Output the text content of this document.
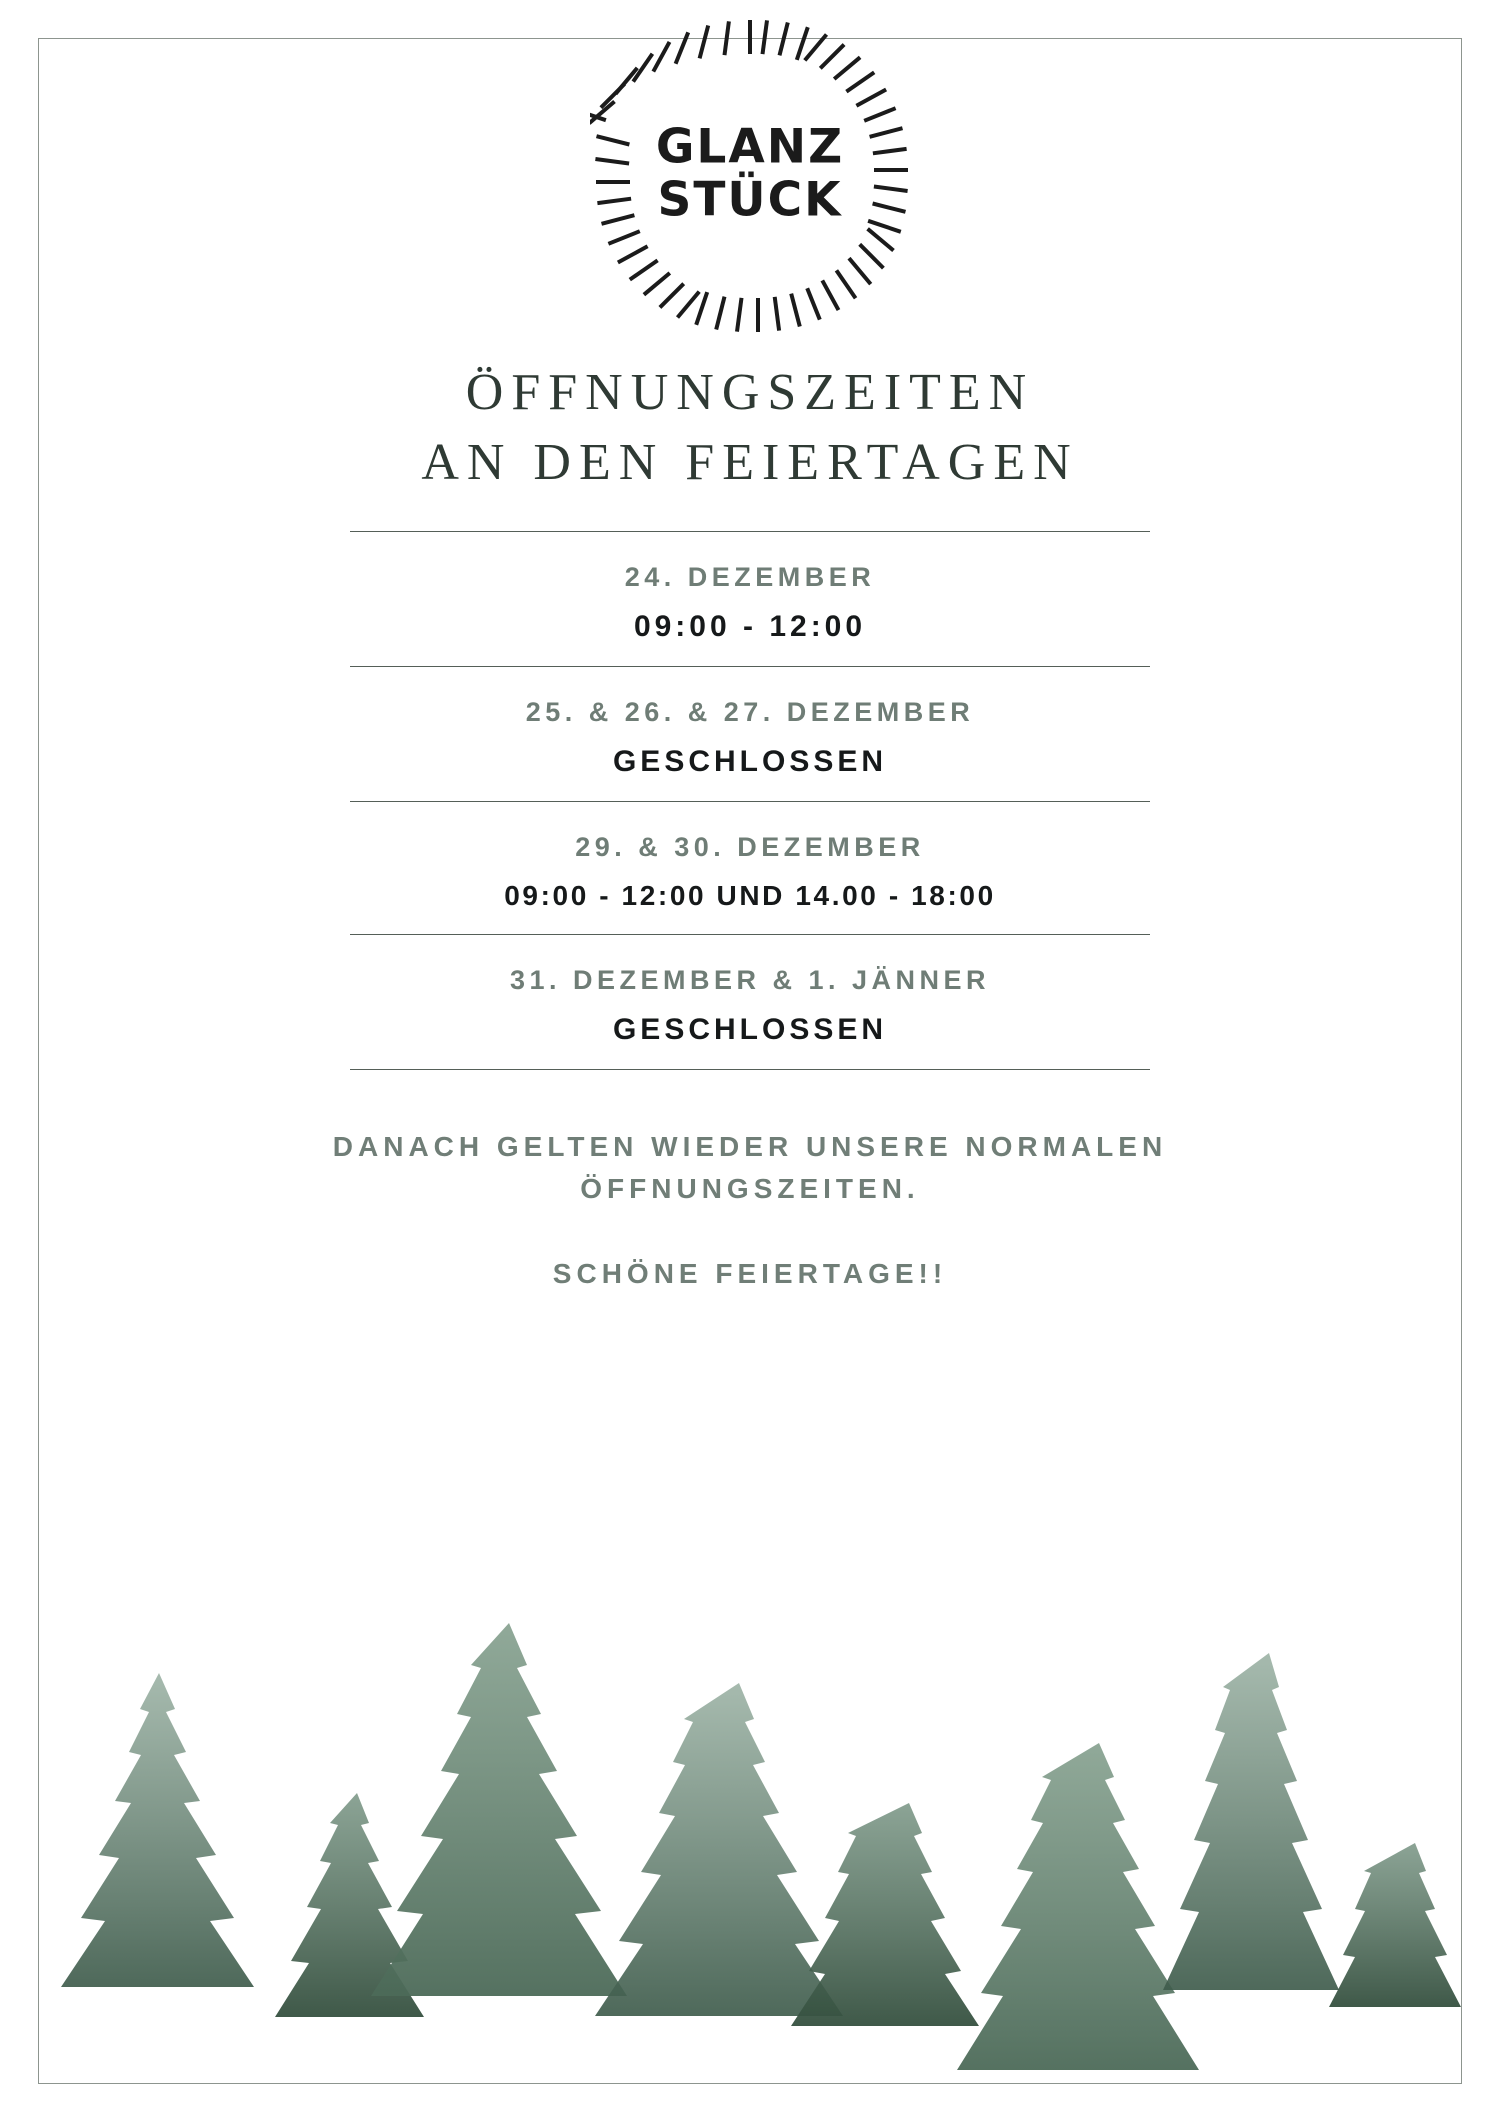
GLANZ
STÜCK
ÖFFNUNGSZEITEN
AN DEN FEIERTAGEN
24. DEZEMBER
09:00 - 12:00
25. & 26. & 27. DEZEMBER
GESCHLOSSEN
29. & 30. DEZEMBER
09:00 - 12:00 UND 14.00 - 18:00
31. DEZEMBER & 1. JÄNNER
GESCHLOSSEN
DANACH GELTEN WIEDER UNSERE NORMALEN ÖFFNUNGSZEITEN.
SCHÖNE FEIERTAGE!!
